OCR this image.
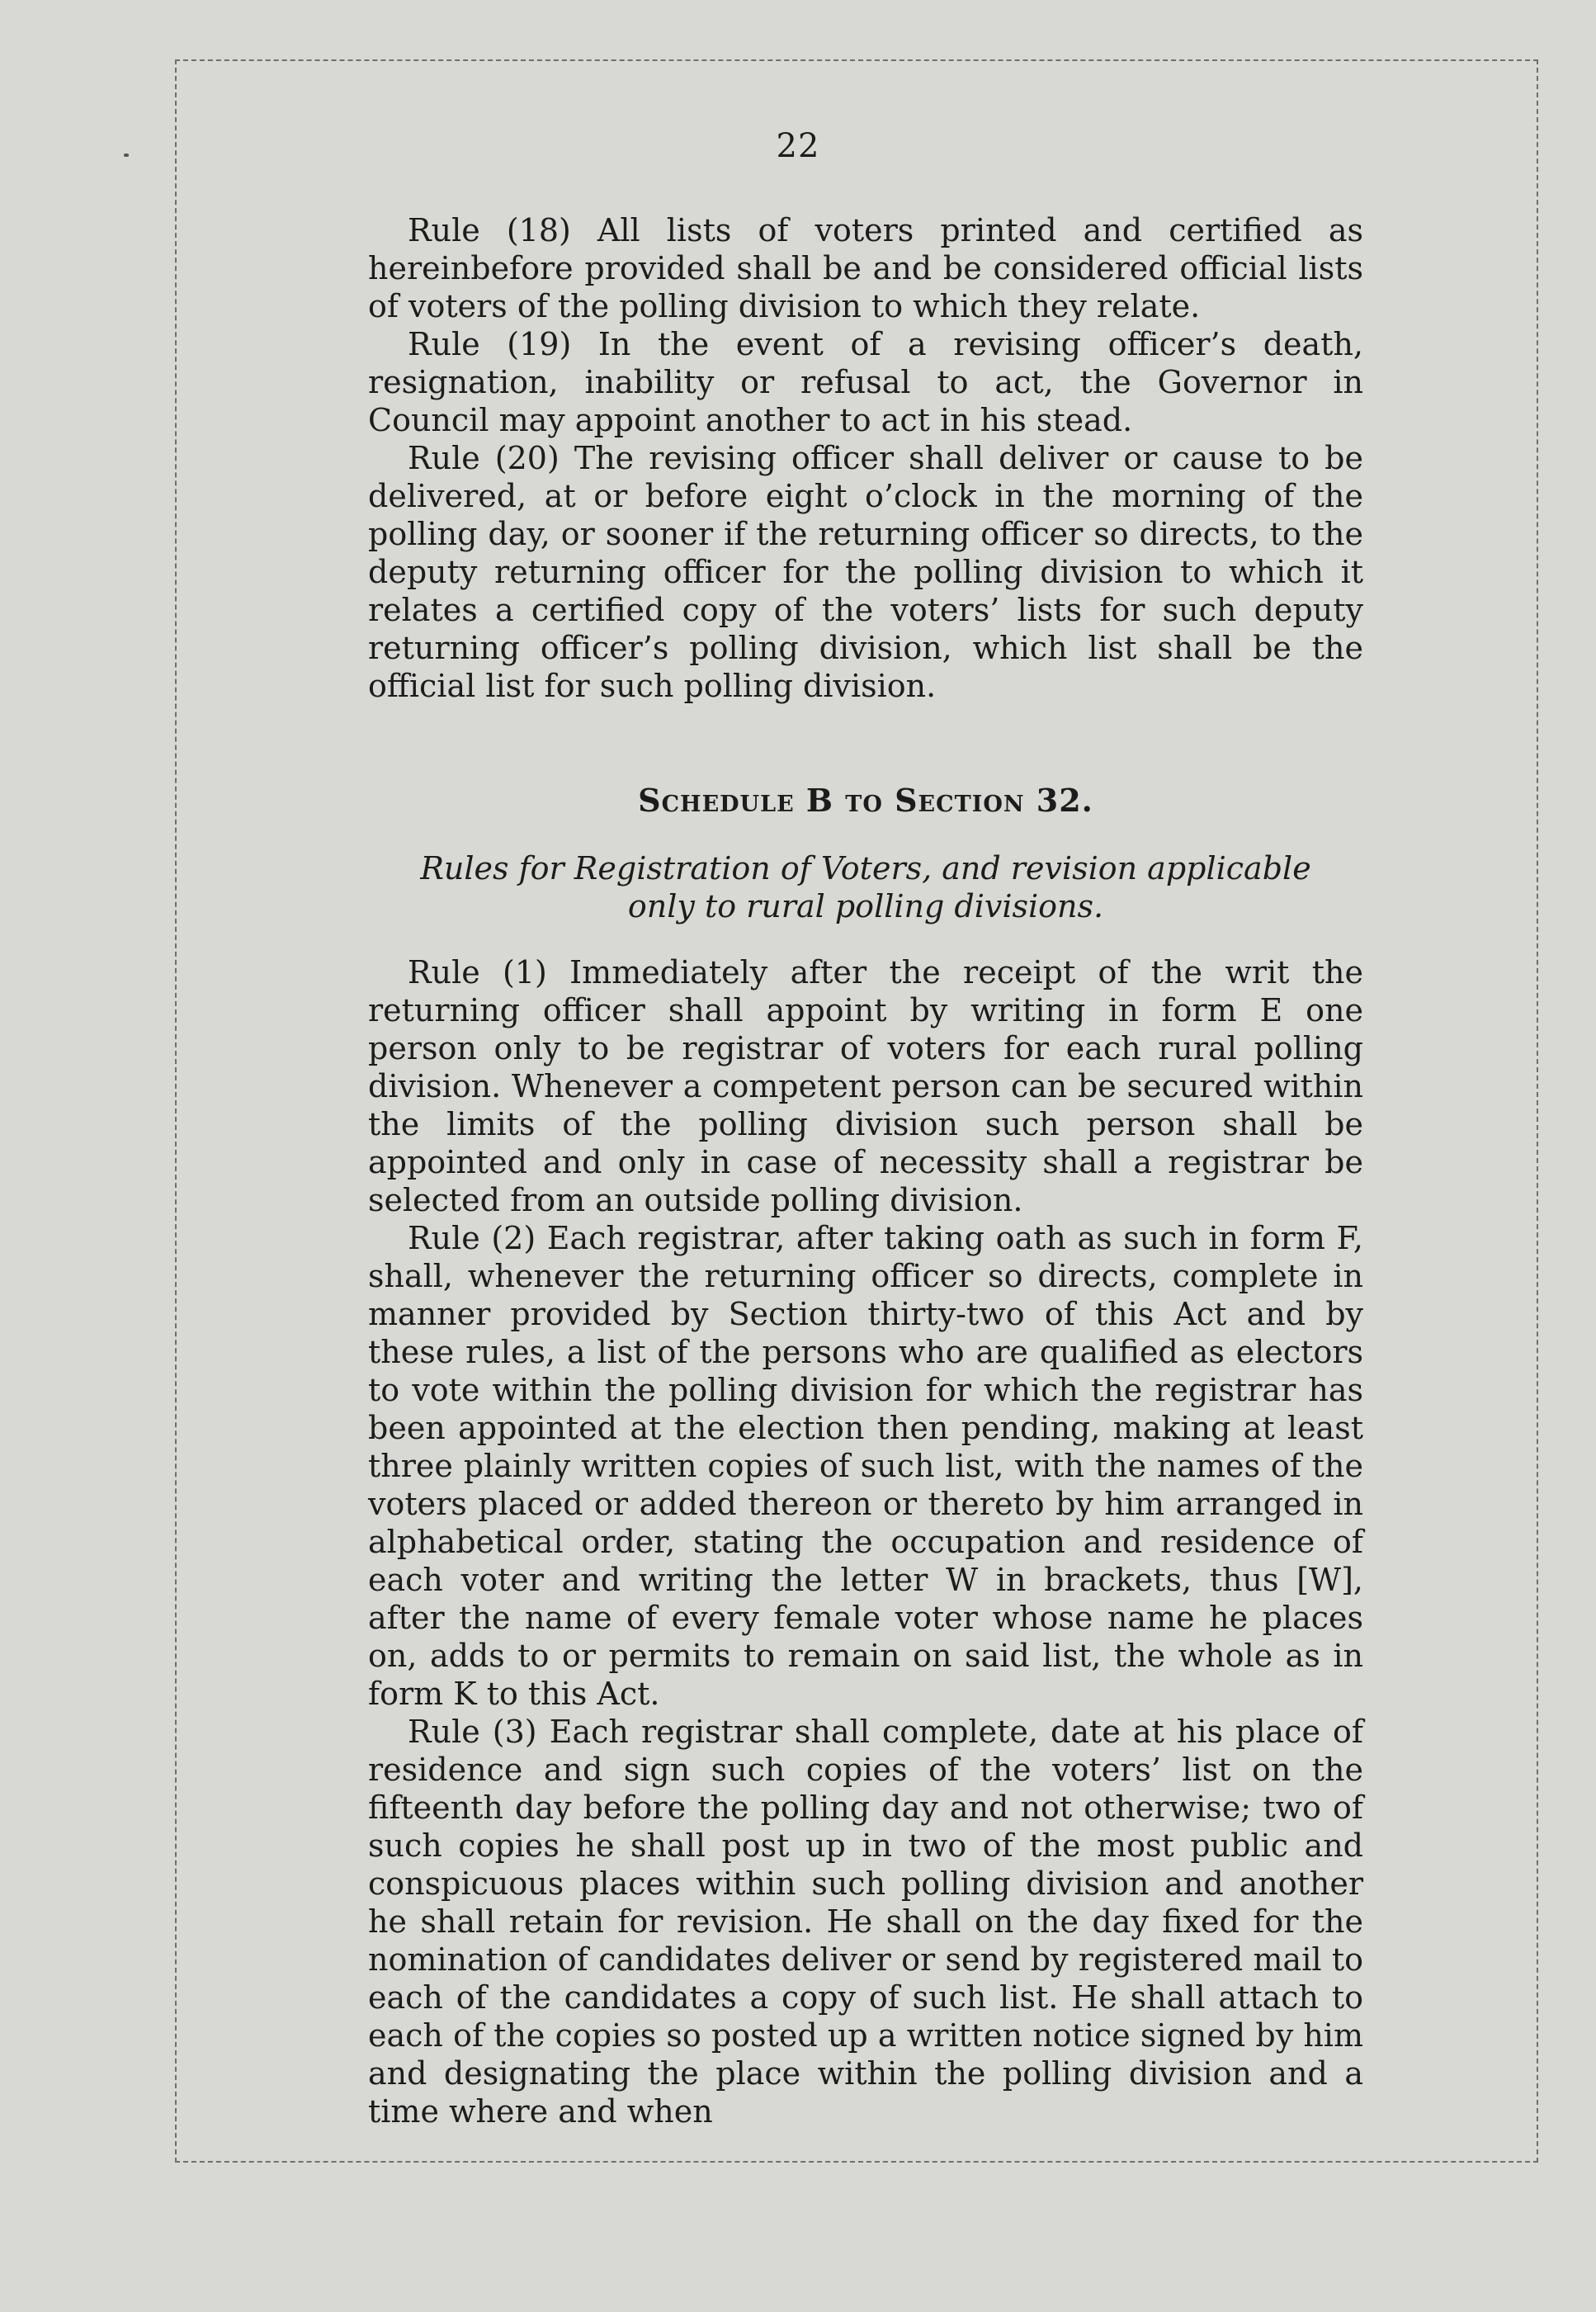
22

Rule (18) All lists of voters printed and certified as hereinbefore provided shall be and be considered official lists of voters of the polling division to which they relate.

Rule (19) In the event of a revising officer’s death, resignation, inability or refusal to act, the Governor in Council may appoint another to act in his stead.

Rule (20) The revising officer shall deliver or cause to be delivered, at or before eight o’clock in the morning of the polling day, or sooner if the returning officer so directs, to the deputy returning officer for the polling division to which it relates a certified copy of the voters’ lists for such deputy returning officer’s polling division, which list shall be the official list for such polling division.

Schedule B to Section 32.

Rules for Registration of Voters, and revision applicable only to rural polling divisions.

Rule (1) Immediately after the receipt of the writ the returning officer shall appoint by writing in form E one person only to be registrar of voters for each rural polling division. Whenever a competent person can be secured within the limits of the polling division such person shall be appointed and only in case of necessity shall a registrar be selected from an outside polling division.

Rule (2) Each registrar, after taking oath as such in form F, shall, whenever the returning officer so directs, complete in manner provided by Section thirty-two of this Act and by these rules, a list of the persons who are qualified as electors to vote within the polling division for which the registrar has been appointed at the election then pending, making at least three plainly written copies of such list, with the names of the voters placed or added thereon or thereto by him arranged in alphabetical order, stating the occupation and residence of each voter and writing the letter W in brackets, thus [W], after the name of every female voter whose name he places on, adds to or permits to remain on said list, the whole as in form K to this Act.

Rule (3) Each registrar shall complete, date at his place of residence and sign such copies of the voters’ list on the fifteenth day before the polling day and not otherwise; two of such copies he shall post up in two of the most public and conspicuous places within such polling division and another he shall retain for revision. He shall on the day fixed for the nomination of candidates deliver or send by registered mail to each of the candidates a copy of such list. He shall attach to each of the copies so posted up a written notice signed by him and designating the place within the polling division and a time where and when
